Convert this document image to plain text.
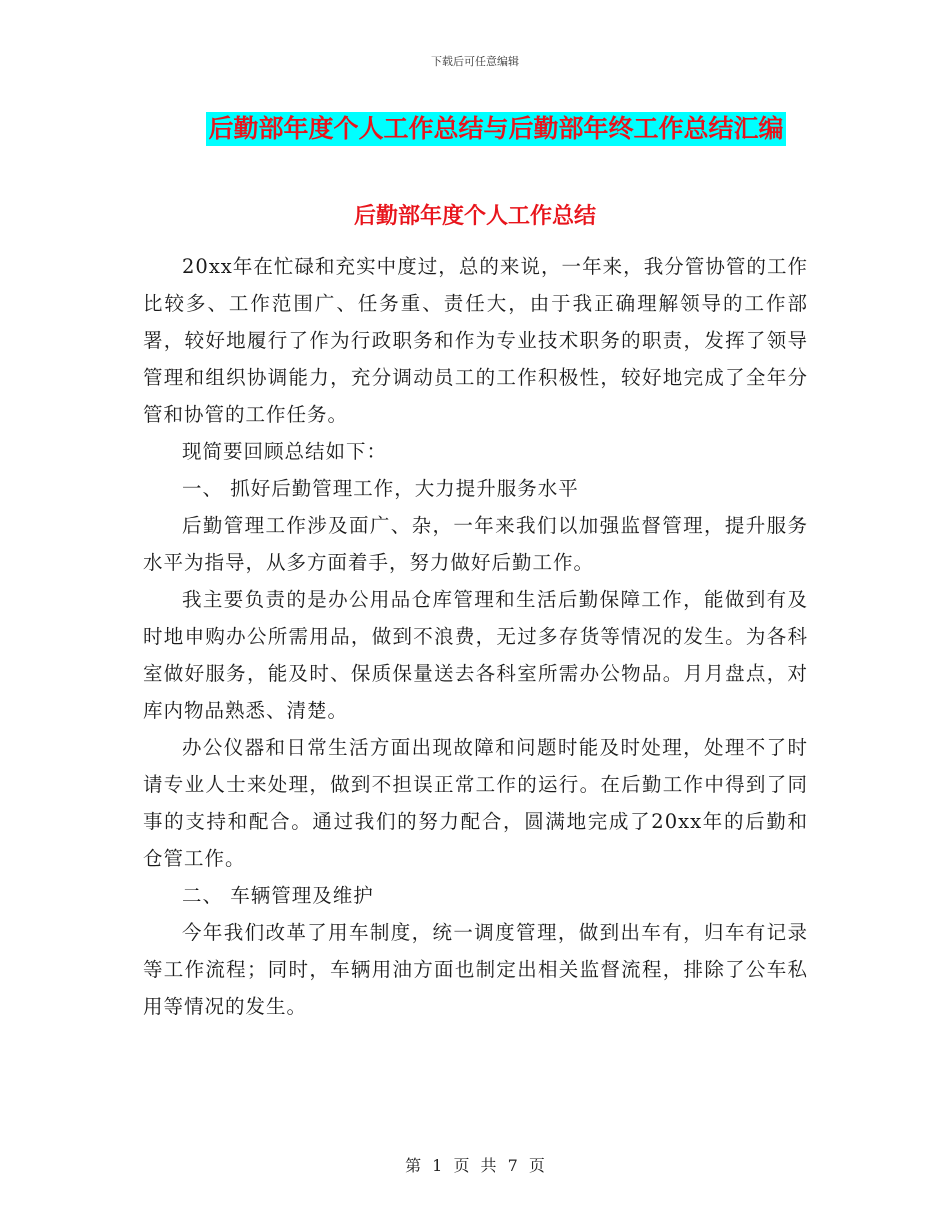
下载后可任意编辑
后勤部年度个人工作总结与后勤部年终工作总结汇编
后勤部年度个人工作总结

20xx年在忙碌和充实中度过，总的来说，一年来，我分管协管的工作比较多、工作范围广、任务重、责任大，由于我正确理解领导的工作部署，较好地履行了作为行政职务和作为专业技术职务的职责，发挥了领导管理和组织协调能力，充分调动员工的工作积极性，较好地完成了全年分管和协管的工作任务。

现简要回顾总结如下：

一、 抓好后勤管理工作，大力提升服务水平

后勤管理工作涉及面广、杂，一年来我们以加强监督管理，提升服务水平为指导，从多方面着手，努力做好后勤工作。

我主要负责的是办公用品仓库管理和生活后勤保障工作，能做到有及时地申购办公所需用品，做到不浪费，无过多存货等情况的发生。为各科室做好服务，能及时、保质保量送去各科室所需办公物品。月月盘点，对库内物品熟悉、清楚。

办公仪器和日常生活方面出现故障和问题时能及时处理，处理不了时请专业人士来处理，做到不担误正常工作的运行。在后勤工作中得到了同事的支持和配合。通过我们的努力配合，圆满地完成了20xx年的后勤和仓管工作。

二、 车辆管理及维护

今年我们改革了用车制度，统一调度管理，做到出车有，归车有记录等工作流程；同时，车辆用油方面也制定出相关监督流程，排除了公车私用等情况的发生。

第 1 页 共 7 页
